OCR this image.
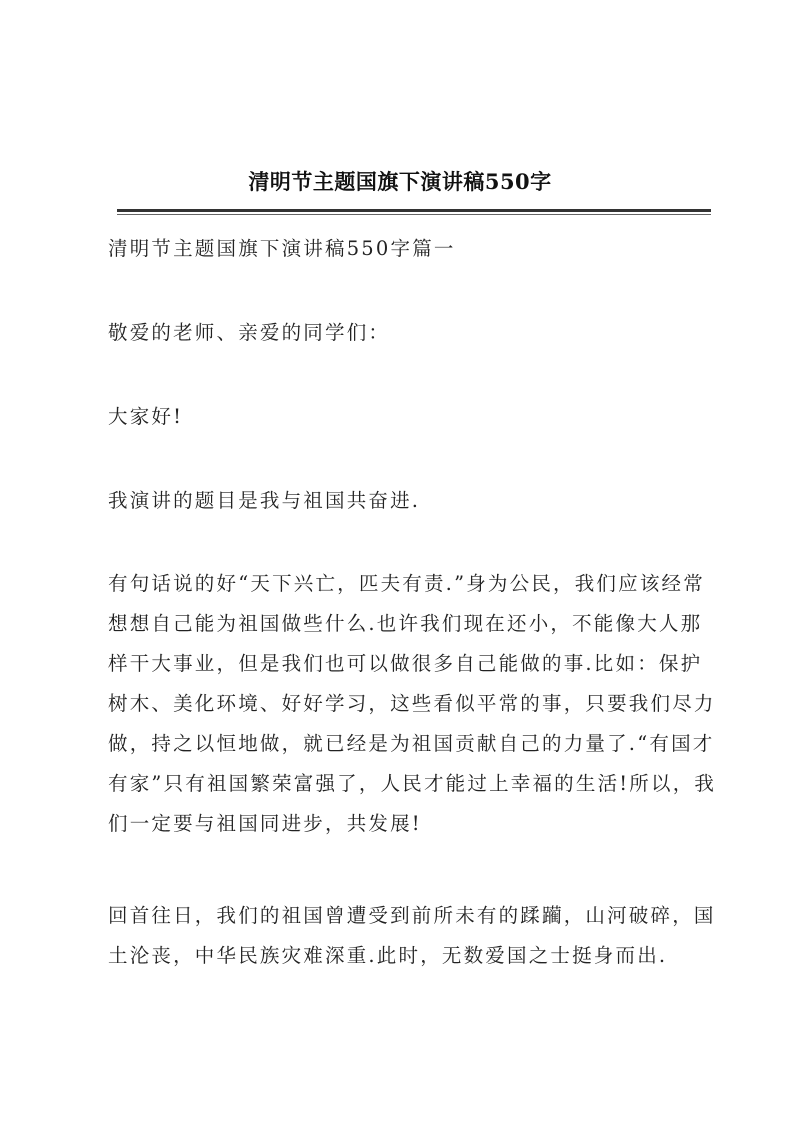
清明节主题国旗下演讲稿550字

清明节主题国旗下演讲稿550字篇一

敬爱的老师、亲爱的同学们：

大家好!

我演讲的题目是我与祖国共奋进.

有句话说的好“天下兴亡，匹夫有责.”身为公民，我们应该经常想想自己能为祖国做些什么.也许我们现在还小，不能像大人那样干大事业，但是我们也可以做很多自己能做的事.比如：保护树木、美化环境、好好学习，这些看似平常的事，只要我们尽力做，持之以恒地做，就已经是为祖国贡献自己的力量了.“有国才有家”只有祖国繁荣富强了，人民才能过上幸福的生活!所以，我们一定要与祖国同进步，共发展!

回首往日，我们的祖国曾遭受到前所未有的蹂躏，山河破碎，国土沦丧，中华民族灾难深重.此时，无数爱国之士挺身而出.
